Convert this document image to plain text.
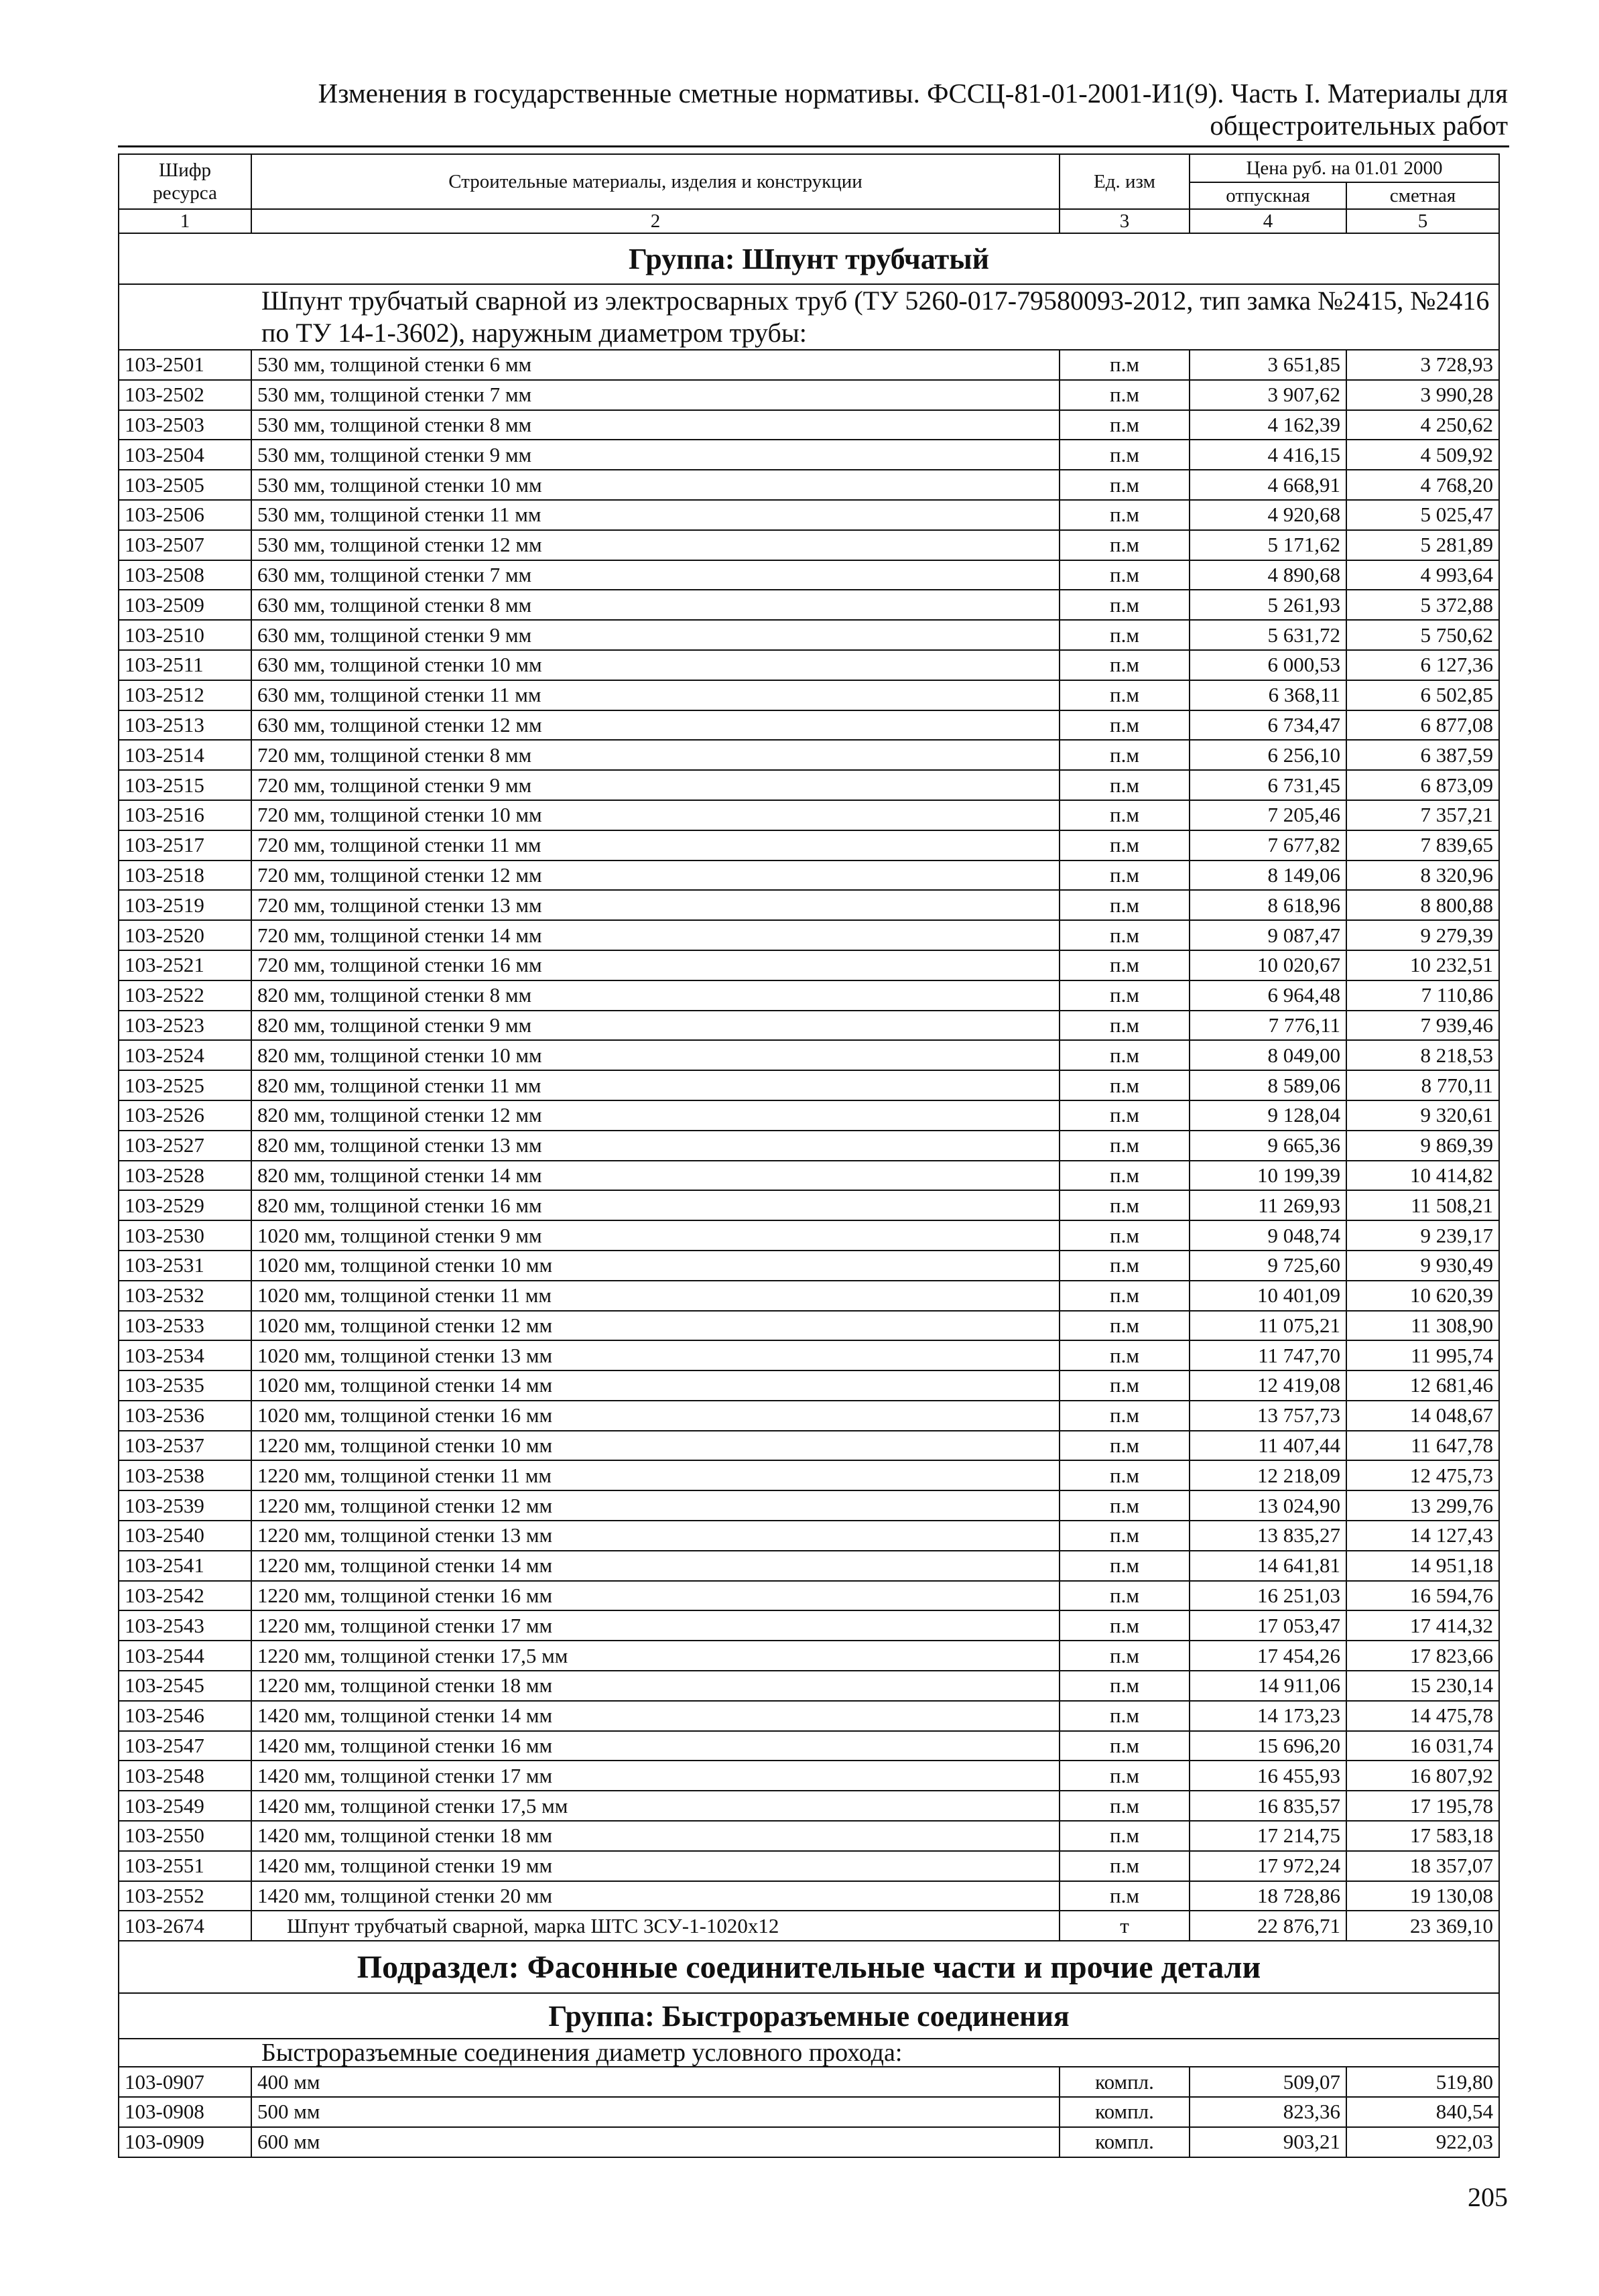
Изменения в государственные сметные нормативы. ФССЦ-81-01-2001-И1(9). Часть I. Материалы для
общестроительных работ
Шифр ресурса	Строительные материалы, изделия и конструкции	Ед. изм	Цена руб. на 01.01 2000	
			отпускная	сметная
1	2	3	4	5
Группа: Шпунт трубчатый				
Шпунт трубчатый сварной из электросварных труб (ТУ 5260-017-79580093-2012, тип замка №2415, №2416 по ТУ 14-1-3602), наружным диаметром трубы:				
103-2501	530 мм, толщиной стенки 6 мм	п.м	3 651,85	3 728,93
103-2502	530 мм, толщиной стенки 7 мм	п.м	3 907,62	3 990,28
103-2503	530 мм, толщиной стенки 8 мм	п.м	4 162,39	4 250,62
103-2504	530 мм, толщиной стенки 9 мм	п.м	4 416,15	4 509,92
103-2505	530 мм, толщиной стенки 10 мм	п.м	4 668,91	4 768,20
103-2506	530 мм, толщиной стенки 11 мм	п.м	4 920,68	5 025,47
103-2507	530 мм, толщиной стенки 12 мм	п.м	5 171,62	5 281,89
103-2508	630 мм, толщиной стенки 7 мм	п.м	4 890,68	4 993,64
103-2509	630 мм, толщиной стенки 8 мм	п.м	5 261,93	5 372,88
103-2510	630 мм, толщиной стенки 9 мм	п.м	5 631,72	5 750,62
103-2511	630 мм, толщиной стенки 10 мм	п.м	6 000,53	6 127,36
103-2512	630 мм, толщиной стенки 11 мм	п.м	6 368,11	6 502,85
103-2513	630 мм, толщиной стенки 12 мм	п.м	6 734,47	6 877,08
103-2514	720 мм, толщиной стенки 8 мм	п.м	6 256,10	6 387,59
103-2515	720 мм, толщиной стенки 9 мм	п.м	6 731,45	6 873,09
103-2516	720 мм, толщиной стенки 10 мм	п.м	7 205,46	7 357,21
103-2517	720 мм, толщиной стенки 11 мм	п.м	7 677,82	7 839,65
103-2518	720 мм, толщиной стенки 12 мм	п.м	8 149,06	8 320,96
103-2519	720 мм, толщиной стенки 13 мм	п.м	8 618,96	8 800,88
103-2520	720 мм, толщиной стенки 14 мм	п.м	9 087,47	9 279,39
103-2521	720 мм, толщиной стенки 16 мм	п.м	10 020,67	10 232,51
103-2522	820 мм, толщиной стенки 8 мм	п.м	6 964,48	7 110,86
103-2523	820 мм, толщиной стенки 9 мм	п.м	7 776,11	7 939,46
103-2524	820 мм, толщиной стенки 10 мм	п.м	8 049,00	8 218,53
103-2525	820 мм, толщиной стенки 11 мм	п.м	8 589,06	8 770,11
103-2526	820 мм, толщиной стенки 12 мм	п.м	9 128,04	9 320,61
103-2527	820 мм, толщиной стенки 13 мм	п.м	9 665,36	9 869,39
103-2528	820 мм, толщиной стенки 14 мм	п.м	10 199,39	10 414,82
103-2529	820 мм, толщиной стенки 16 мм	п.м	11 269,93	11 508,21
103-2530	1020 мм, толщиной стенки 9 мм	п.м	9 048,74	9 239,17
103-2531	1020 мм, толщиной стенки 10 мм	п.м	9 725,60	9 930,49
103-2532	1020 мм, толщиной стенки 11 мм	п.м	10 401,09	10 620,39
103-2533	1020 мм, толщиной стенки 12 мм	п.м	11 075,21	11 308,90
103-2534	1020 мм, толщиной стенки 13 мм	п.м	11 747,70	11 995,74
103-2535	1020 мм, толщиной стенки 14 мм	п.м	12 419,08	12 681,46
103-2536	1020 мм, толщиной стенки 16 мм	п.м	13 757,73	14 048,67
103-2537	1220 мм, толщиной стенки 10 мм	п.м	11 407,44	11 647,78
103-2538	1220 мм, толщиной стенки 11 мм	п.м	12 218,09	12 475,73
103-2539	1220 мм, толщиной стенки 12 мм	п.м	13 024,90	13 299,76
103-2540	1220 мм, толщиной стенки 13 мм	п.м	13 835,27	14 127,43
103-2541	1220 мм, толщиной стенки 14 мм	п.м	14 641,81	14 951,18
103-2542	1220 мм, толщиной стенки 16 мм	п.м	16 251,03	16 594,76
103-2543	1220 мм, толщиной стенки 17 мм	п.м	17 053,47	17 414,32
103-2544	1220 мм, толщиной стенки 17,5 мм	п.м	17 454,26	17 823,66
103-2545	1220 мм, толщиной стенки 18 мм	п.м	14 911,06	15 230,14
103-2546	1420 мм, толщиной стенки 14 мм	п.м	14 173,23	14 475,78
103-2547	1420 мм, толщиной стенки 16 мм	п.м	15 696,20	16 031,74
103-2548	1420 мм, толщиной стенки 17 мм	п.м	16 455,93	16 807,92
103-2549	1420 мм, толщиной стенки 17,5 мм	п.м	16 835,57	17 195,78
103-2550	1420 мм, толщиной стенки 18 мм	п.м	17 214,75	17 583,18
103-2551	1420 мм, толщиной стенки 19 мм	п.м	17 972,24	18 357,07
103-2552	1420 мм, толщиной стенки 20 мм	п.м	18 728,86	19 130,08
103-2674	Шпунт трубчатый сварной, марка ШТС 3СУ-1-1020х12	т	22 876,71	23 369,10
Подраздел: Фасонные соединительные части и прочие детали				
Группа: Быстроразъемные соединения				
Быстроразъемные соединения диаметр условного прохода:				
103-0907	400 мм	компл.	509,07	519,80
103-0908	500 мм	компл.	823,36	840,54
103-0909	600 мм	компл.	903,21	922,03
205
